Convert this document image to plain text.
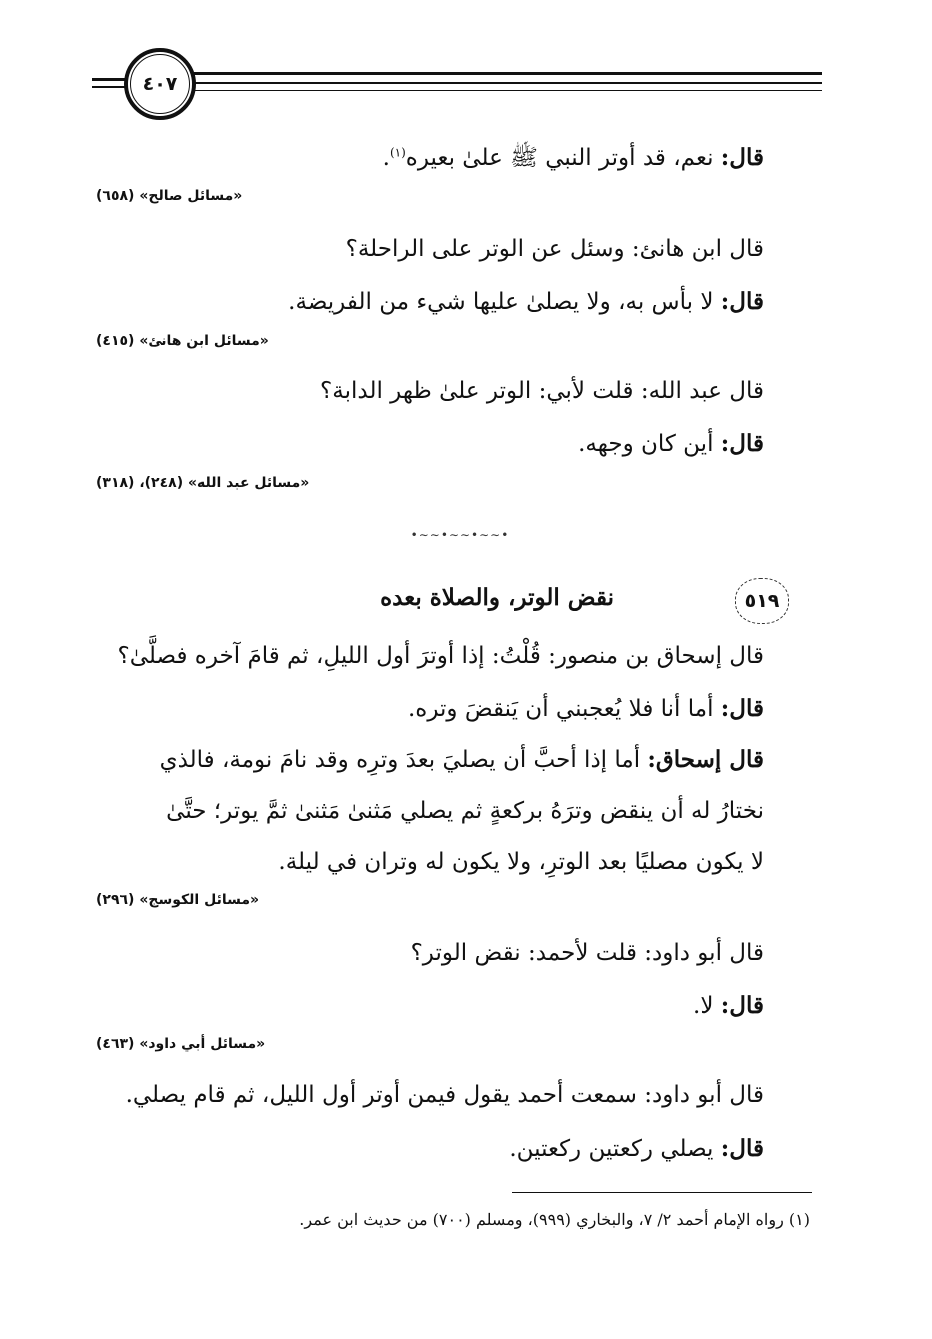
٤٠٧
قال: نعم، قد أوتر النبي ﷺ علىٰ بعيره$^{(١)}$.
«مسائل صالح» (٦٥٨)
قال ابن هانئ: وسئل عن الوتر على الراحلة؟
قال: لا بأس به، ولا يصلىٰ عليها شيء من الفريضة.
«مسائل ابن هانئ» (٤١٥)
قال عبد الله: قلت لأبي: الوتر علىٰ ظهر الدابة؟
قال: أين كان وجهه.
«مسائل عبد الله» (٢٤٨)، (٣١٨)
•∽∽•∽∽•∽∽•
نقض الوتر، والصلاة بعده	٥١٩
قال إسحاق بن منصور: قُلْتُ: إذا أوترَ أول الليلِ، ثم قامَ آخره فصلَّىٰ؟
قال: أما أنا فلا يُعجبني أن يَنقضَ وتره.
قال إسحاق: أما إذا أحبَّ أن يصليَ بعدَ وترِه وقد نامَ نومة، فالذي
نختارُ له أن ينقض وترَهُ بركعةٍ ثم يصلي مَثنىٰ مَثنىٰ ثمَّ يوتر؛ حتَّىٰ
لا يكون مصليًا بعد الوترِ، ولا يكون له وتران في ليلة.
«مسائل الكوسج» (٢٩٦)
قال أبو داود: قلت لأحمد: نقض الوتر؟
قال: لا.
«مسائل أبي داود» (٤٦٣)
قال أبو داود: سمعت أحمد يقول فيمن أوتر أول الليل، ثم قام يصلي.
قال: يصلي ركعتين ركعتين.
(١) رواه الإمام أحمد ٢/ ٧، والبخاري (٩٩٩)، ومسلم (٧٠٠) من حديث ابن عمر.
